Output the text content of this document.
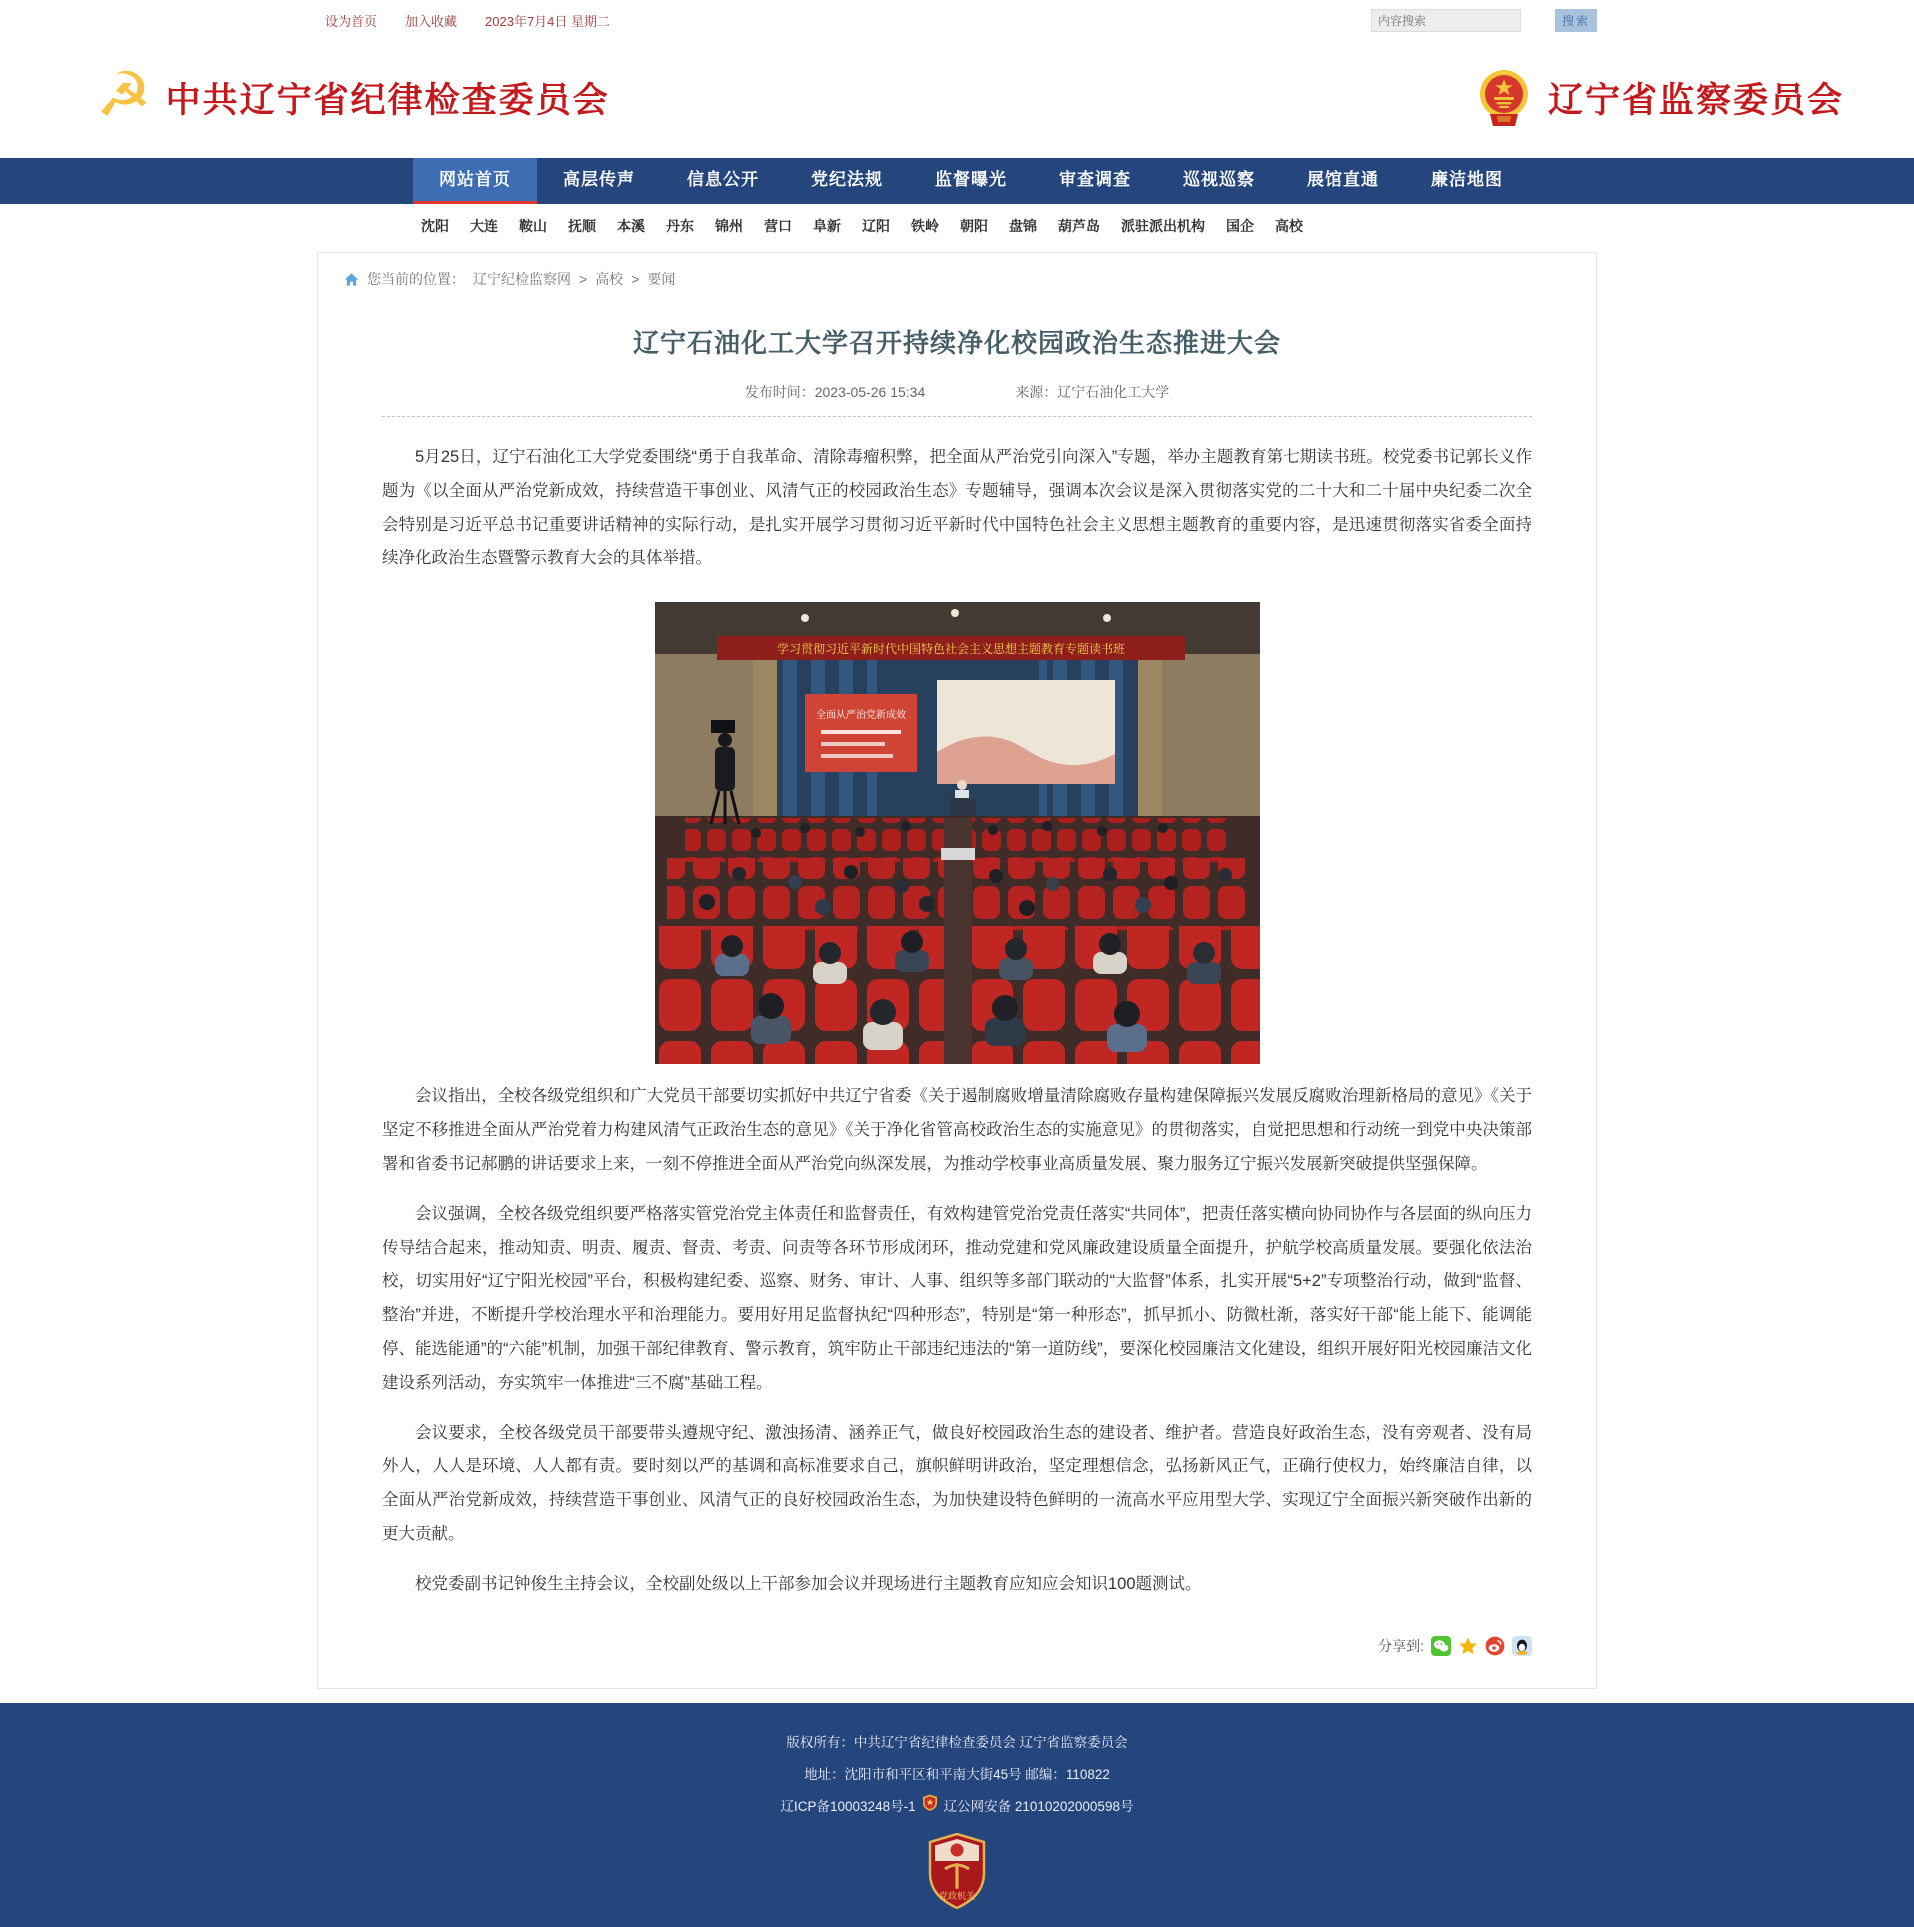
设为首页 加入收藏 2023年7月4日 星期二
内容搜索	搜索
☭ 中共辽宁省纪律检查委员会	辽宁省监察委员会
网站首页	高层传声	信息公开	党纪法规	监督曝光	审查调查	巡视巡察	展馆直通	廉洁地图
沈阳 大连 鞍山 抚顺 本溪 丹东 锦州 营口 阜新 辽阳 铁岭 朝阳 盘锦 葫芦岛 派驻派出机构 国企 高校
您当前的位置： 辽宁纪检监察网 > 高校 > 要闻
辽宁石油化工大学召开持续净化校园政治生态推进大会
发布时间：2023-05-26 15:34	来源：辽宁石油化工大学

5月25日，辽宁石油化工大学党委围绕“勇于自我革命、清除毒瘤积弊，把全面从严治党引向深入”专题，举办主题教育第七期读书班。校党委书记郭长义作题为《以全面从严治党新成效，持续营造干事创业、风清气正的校园政治生态》专题辅导，强调本次会议是深入贯彻落实党的二十大和二十届中央纪委二次全会特别是习近平总书记重要讲话精神的实际行动，是扎实开展学习贯彻习近平新时代中国特色社会主义思想主题教育的重要内容，是迅速贯彻落实省委全面持续净化政治生态暨警示教育大会的具体举措。

学习贯彻习近平新时代中国特色社会主义思想主题教育专题读书班
全面从严治党新成效

会议指出，全校各级党组织和广大党员干部要切实抓好中共辽宁省委《关于遏制腐败增量清除腐败存量构建保障振兴发展反腐败治理新格局的意见》《关于坚定不移推进全面从严治党着力构建风清气正政治生态的意见》《关于净化省管高校政治生态的实施意见》的贯彻落实，自觉把思想和行动统一到党中央决策部署和省委书记郝鹏的讲话要求上来，一刻不停推进全面从严治党向纵深发展，为推动学校事业高质量发展、聚力服务辽宁振兴发展新突破提供坚强保障。

会议强调，全校各级党组织要严格落实管党治党主体责任和监督责任，有效构建管党治党责任落实“共同体”，把责任落实横向协同协作与各层面的纵向压力传导结合起来，推动知责、明责、履责、督责、考责、问责等各环节形成闭环，推动党建和党风廉政建设质量全面提升，护航学校高质量发展。要强化依法治校，切实用好“辽宁阳光校园”平台，积极构建纪委、巡察、财务、审计、人事、组织等多部门联动的“大监督”体系，扎实开展“5+2”专项整治行动，做到“监督、整治”并进，不断提升学校治理水平和治理能力。要用好用足监督执纪“四种形态”，特别是“第一种形态”，抓早抓小、防微杜渐，落实好干部“能上能下、能调能停、能选能通”的“六能”机制，加强干部纪律教育、警示教育，筑牢防止干部违纪违法的“第一道防线”，要深化校园廉洁文化建设，组织开展好阳光校园廉洁文化建设系列活动，夯实筑牢一体推进“三不腐”基础工程。

会议要求，全校各级党员干部要带头遵规守纪、激浊扬清、涵养正气，做良好校园政治生态的建设者、维护者。营造良好政治生态，没有旁观者、没有局外人，人人是环境、人人都有责。要时刻以严的基调和高标准要求自己，旗帜鲜明讲政治，坚定理想信念，弘扬新风正气，正确行使权力，始终廉洁自律，以全面从严治党新成效，持续营造干事创业、风清气正的良好校园政治生态，为加快建设特色鲜明的一流高水平应用型大学、实现辽宁全面振兴新突破作出新的更大贡献。

校党委副书记钟俊生主持会议，全校副处级以上干部参加会议并现场进行主题教育应知应会知识100题测试。

分享到:
版权所有：中共辽宁省纪律检查委员会 辽宁省监察委员会
地址：沈阳市和平区和平南大街45号 邮编：110822
辽ICP备10003248号-1 辽公网安备 21010202000598号
党政机关
